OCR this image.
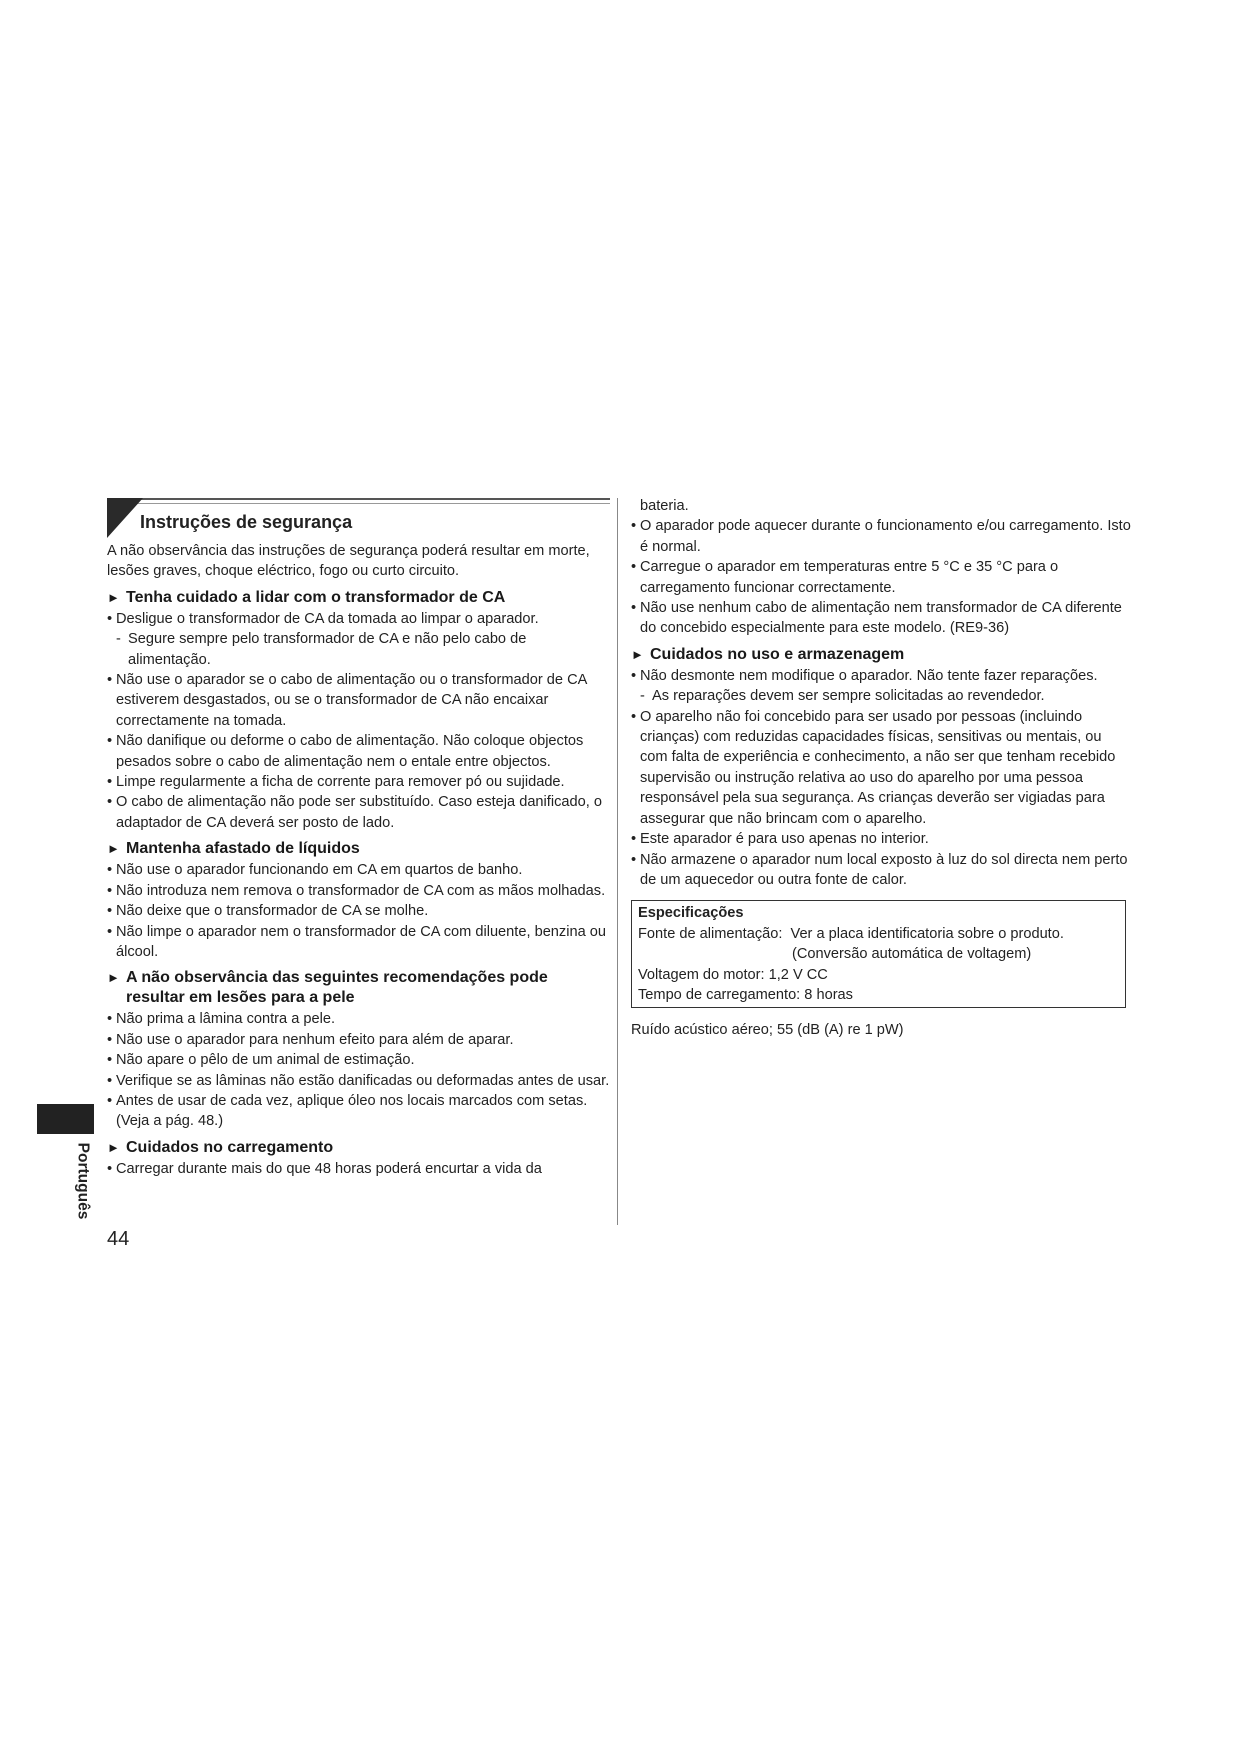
Instruções de segurança

A não observância das instruções de segurança poderá resultar em morte, lesões graves, choque eléctrico, fogo ou curto circuito.

► Tenha cuidado a lidar com o transformador de CA

• Desligue o transformador de CA da tomada ao limpar o aparador.

- Segure sempre pelo transformador de CA e não pelo cabo de alimentação.

• Não use o aparador se o cabo de alimentação ou o transformador de CA estiverem desgastados, ou se o transformador de CA não encaixar correctamente na tomada.

• Não danifique ou deforme o cabo de alimentação. Não coloque objectos pesados sobre o cabo de alimentação nem o entale entre objectos.

• Limpe regularmente a ficha de corrente para remover pó ou sujidade.

• O cabo de alimentação não pode ser substituído. Caso esteja danificado, o adaptador de CA deverá ser posto de lado.

► Mantenha afastado de líquidos

• Não use o aparador funcionando em CA em quartos de banho.

• Não introduza nem remova o transformador de CA com as mãos molhadas.

• Não deixe que o transformador de CA se molhe.

• Não limpe o aparador nem o transformador de CA com diluente, benzina ou álcool.

► A não observância das seguintes recomendações pode
resultar em lesões para a pele

• Não prima a lâmina contra a pele.

• Não use o aparador para nenhum efeito para além de aparar.

• Não apare o pêlo de um animal de estimação.

• Verifique se as lâminas não estão danificadas ou deformadas antes de usar.

• Antes de usar de cada vez, aplique óleo nos locais marcados com setas. (Veja a pág. 48.)

► Cuidados no carregamento

• Carregar durante mais do que 48 horas poderá encurtar a vida da

bateria.

• O aparador pode aquecer durante o funcionamento e/ou carregamento. Isto é normal.

• Carregue o aparador em temperaturas entre 5 °C e 35 °C para o carregamento funcionar correctamente.

• Não use nenhum cabo de alimentação nem transformador de CA diferente do concebido especialmente para este modelo. (RE9-36)

► Cuidados no uso e armazenagem

• Não desmonte nem modifique o aparador. Não tente fazer reparações.

- As reparações devem ser sempre solicitadas ao revendedor.

• O aparelho não foi concebido para ser usado por pessoas (incluindo crianças) com reduzidas capacidades físicas, sensitivas ou mentais, ou com falta de experiência e conhecimento, a não ser que tenham recebido supervisão ou instrução relativa ao uso do aparelho por uma pessoa responsável pela sua segurança. As crianças deverão ser vigiadas para assegurar que não brincam com o aparelho.

• Este aparador é para uso apenas no interior.

• Não armazene o aparador num local exposto à luz do sol directa nem perto de um aquecedor ou outra fonte de calor.

Especificações

Fonte de alimentação:
Ver a placa identificatoria sobre o produto.

(Conversão automática de voltagem)

Voltagem do motor: 1,2 V CC

Tempo de carregamento: 8 horas

Ruído acústico aéreo; 55 (dB (A) re 1 pW)

Português
44
